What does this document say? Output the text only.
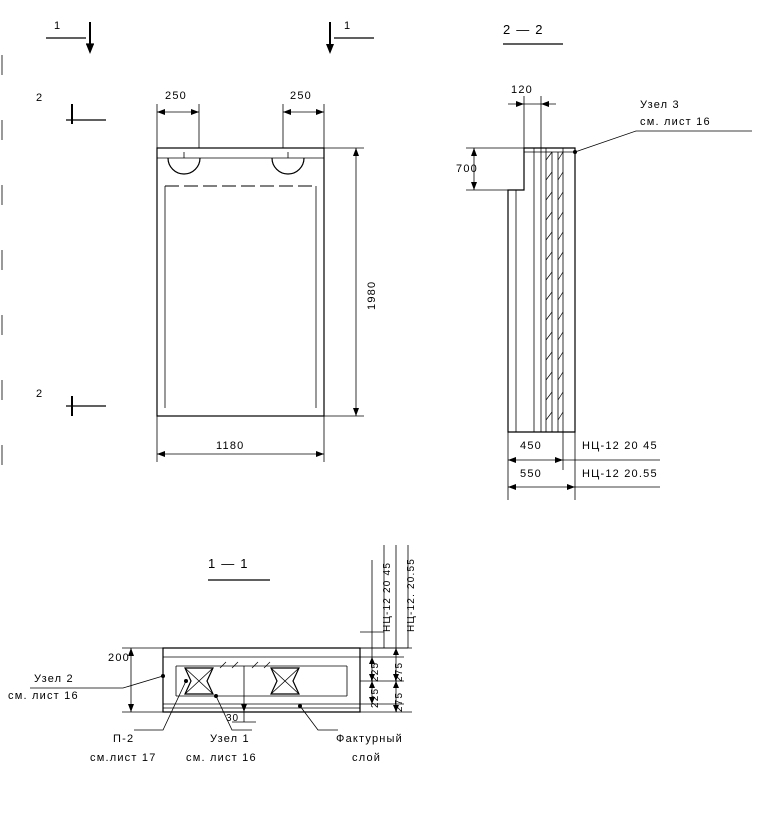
1	1
2
2
250	250
1980
1180
2 — 2
120
700
450
550
НЦ-12 20 45
НЦ-12 20.55
Узел 3
см. лист 16
1 — 1
200
30
225
225
275
275
НЦ-12 20 45 НЦ-12. 20.55
Узел 2
см. лист 16
П-2
см.лист 17
Узел 1
см. лист 16
Фактурный
слой
